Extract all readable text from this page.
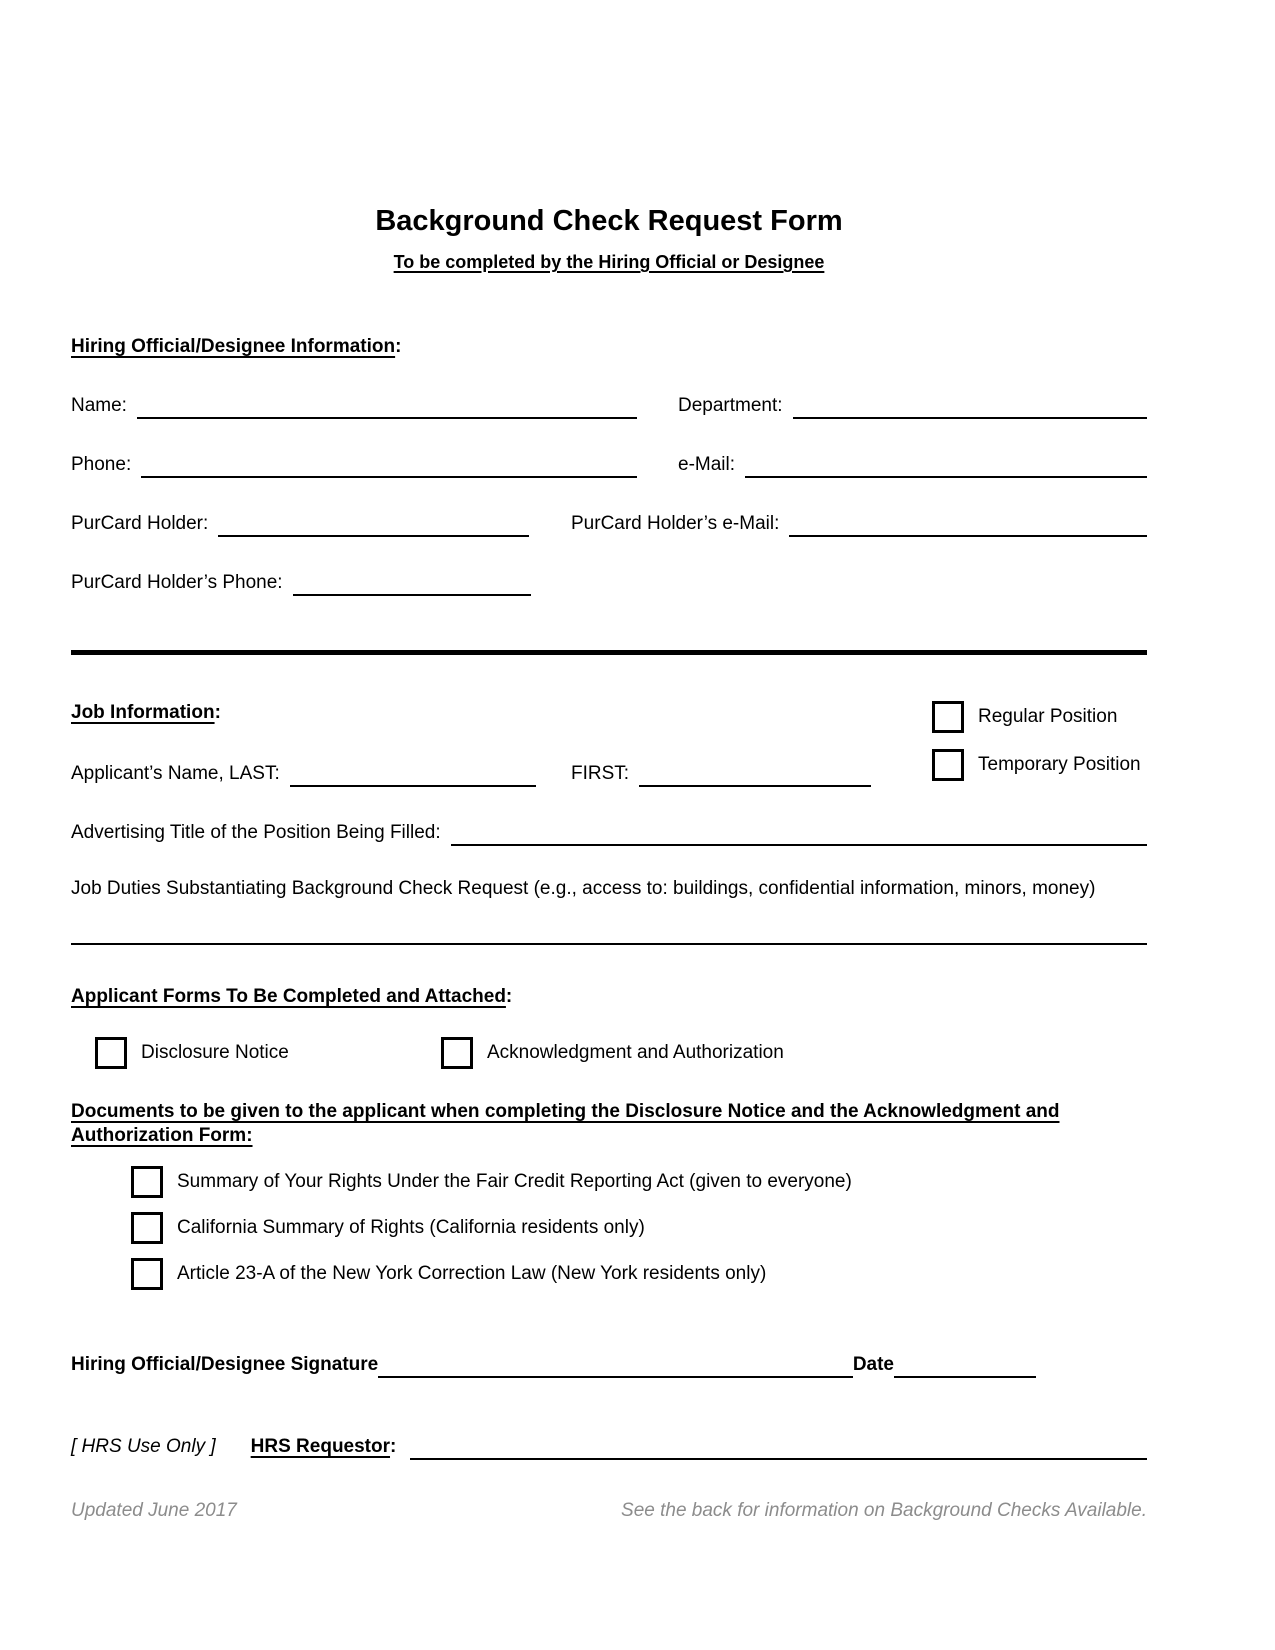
Background Check Request Form
To be completed by the Hiring Official or Designee
Hiring Official/Designee Information:
Name:	Department:
Phone:	e-Mail:
PurCard Holder:	PurCard Holder’s e-Mail:
PurCard Holder’s Phone:
Job Information:
Applicant’s Name, LAST:	FIRST:
Regular Position
Temporary Position
Advertising Title of the Position Being Filled:
Job Duties Substantiating Background Check Request (e.g., access to: buildings, confidential information, minors, money)
Applicant Forms To Be Completed and Attached:
Disclosure Notice	Acknowledgment and Authorization
Documents to be given to the applicant when completing the Disclosure Notice and the Acknowledgment and Authorization Form:
Summary of Your Rights Under the Fair Credit Reporting Act (given to everyone)
California Summary of Rights (California residents only)
Article 23-A of the New York Correction Law (New York residents only)
Hiring Official/Designee Signature	Date
[ HRS Use Only ] HRS Requestor:
Updated June 2017	See the back for information on Background Checks Available.
